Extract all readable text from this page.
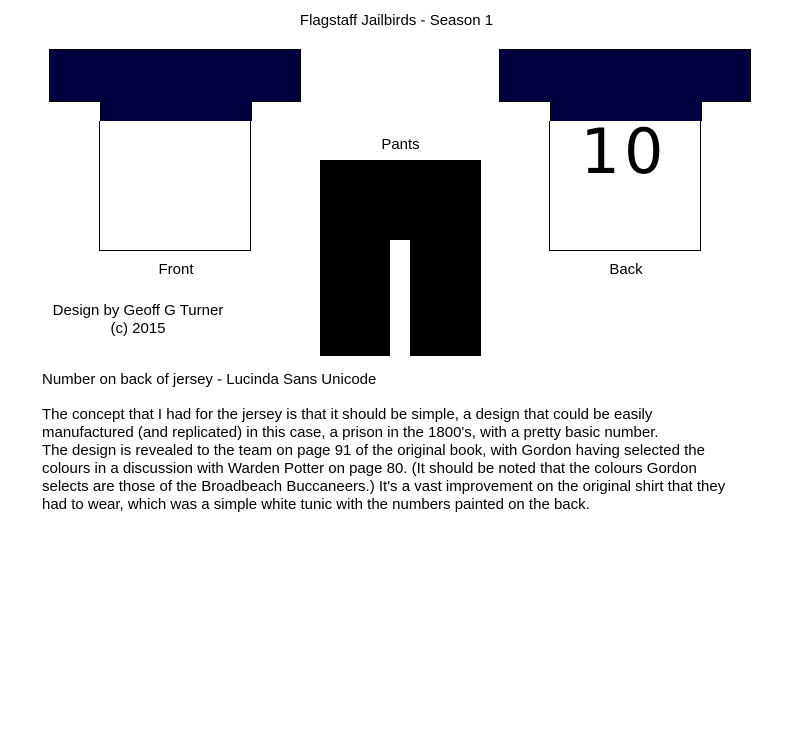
Flagstaff Jailbirds - Season 1
Front
Pants	10
Back
Design by Geoff G Turner
(c) 2015
Number on back of jersey - Lucinda Sans Unicode
The concept that I had for the jersey is that it should be simple, a design that could be easily
manufactured (and replicated) in this case, a prison in the 1800's, with a pretty basic number.
The design is revealed to the team on page 91 of the original book, with Gordon having selected the
colours in a discussion with Warden Potter on page 80. (It should be noted that the colours Gordon
selects are those of the Broadbeach Buccaneers.) It's a vast improvement on the original shirt that they
had to wear, which was a simple white tunic with the numbers painted on the back.
